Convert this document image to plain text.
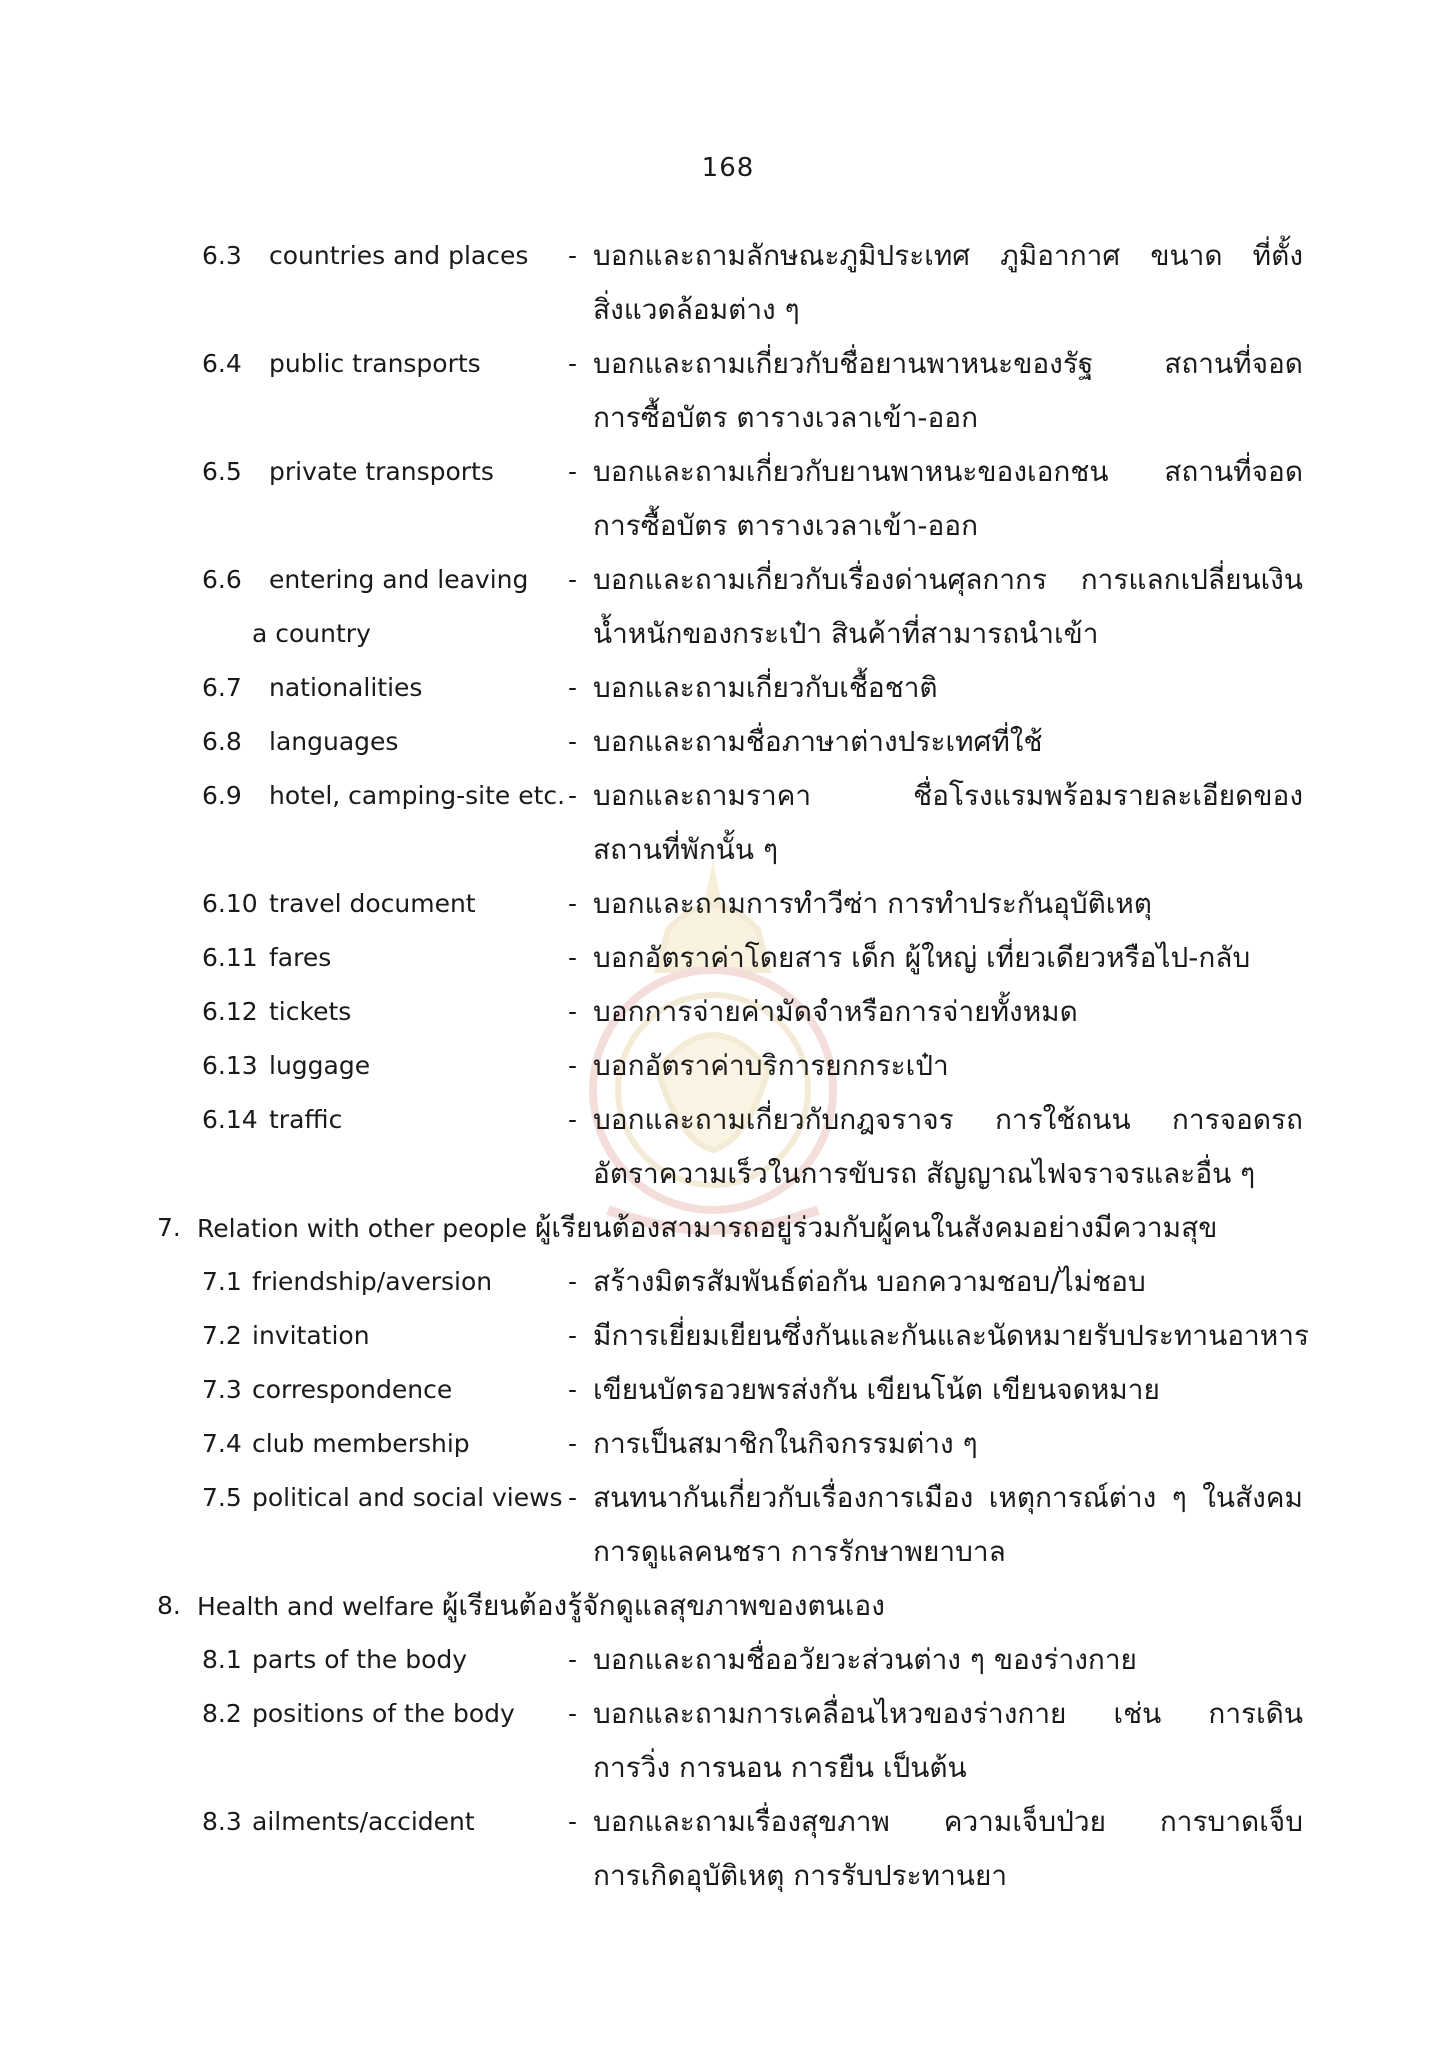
168
6.3 countries and places - บอกและถามลักษณะภูมิประเทศ ภูมิอากาศ ขนาด ที่ตั้ง
สิ่งแวดล้อมต่าง ๆ
6.4 public transports	- บอกและถามเกี่ยวกับชื่อยานพาหนะของรัฐ สถานที่จอด
การซื้อบัตร ตารางเวลาเข้า-ออก
6.5 private transports	- บอกและถามเกี่ยวกับยานพาหนะของเอกชน สถานที่จอด
การซื้อบัตร ตารางเวลาเข้า-ออก
6.6 entering and leaving - บอกและถามเกี่ยวกับเรื่องด่านศุลกากร การแลกเปลี่ยนเงิน
a country	น้ำหนักของกระเป๋า สินค้าที่สามารถนำเข้า
6.7 nationalities	- บอกและถามเกี่ยวกับเชื้อชาติ
6.8 languages	- บอกและถามชื่อภาษาต่างประเทศที่ใช้
6.9 hotel, camping-site etc. - บอกและถามราคา ชื่อโรงแรมพร้อมรายละเอียดของ
สถานที่พักนั้น ๆ
6.10 travel document	- บอกและถามการทำวีซ่า การทำประกันอุบัติเหตุ
6.11 fares	- บอกอัตราค่าโดยสาร เด็ก ผู้ใหญ่ เที่ยวเดียวหรือไป-กลับ
6.12 tickets	- บอกการจ่ายค่ามัดจำหรือการจ่ายทั้งหมด
6.13 luggage	- บอกอัตราค่าบริการยกกระเป๋า
6.14 traffic	- บอกและถามเกี่ยวกับกฎจราจร การใช้ถนน การจอดรถ
อัตราความเร็วในการขับรถ สัญญาณไฟจราจรและอื่น ๆ
7. Relation with other people ผู้เรียนต้องสามารถอยู่ร่วมกับผู้คนในสังคมอย่างมีความสุข
7.1 friendship/aversion	- สร้างมิตรสัมพันธ์ต่อกัน บอกความชอบ/ไม่ชอบ
7.2 invitation	- มีการเยี่ยมเยียนซึ่งกันและกันและนัดหมายรับประทานอาหาร
7.3 correspondence	- เขียนบัตรอวยพรส่งกัน เขียนโน้ต เขียนจดหมาย
7.4 club membership	- การเป็นสมาชิกในกิจกรรมต่าง ๆ
7.5 political and social views - สนทนากันเกี่ยวกับเรื่องการเมือง เหตุการณ์ต่าง ๆ ในสังคม
การดูแลคนชรา การรักษาพยาบาล
8. Health and welfare ผู้เรียนต้องรู้จักดูแลสุขภาพของตนเอง
8.1 parts of the body	- บอกและถามชื่ออวัยวะส่วนต่าง ๆ ของร่างกาย
8.2 positions of the body - บอกและถามการเคลื่อนไหวของร่างกาย เช่น การเดิน
การวิ่ง การนอน การยืน เป็นต้น
8.3 ailments/accident	- บอกและถามเรื่องสุขภาพ ความเจ็บป่วย การบาดเจ็บ
การเกิดอุบัติเหตุ การรับประทานยา
